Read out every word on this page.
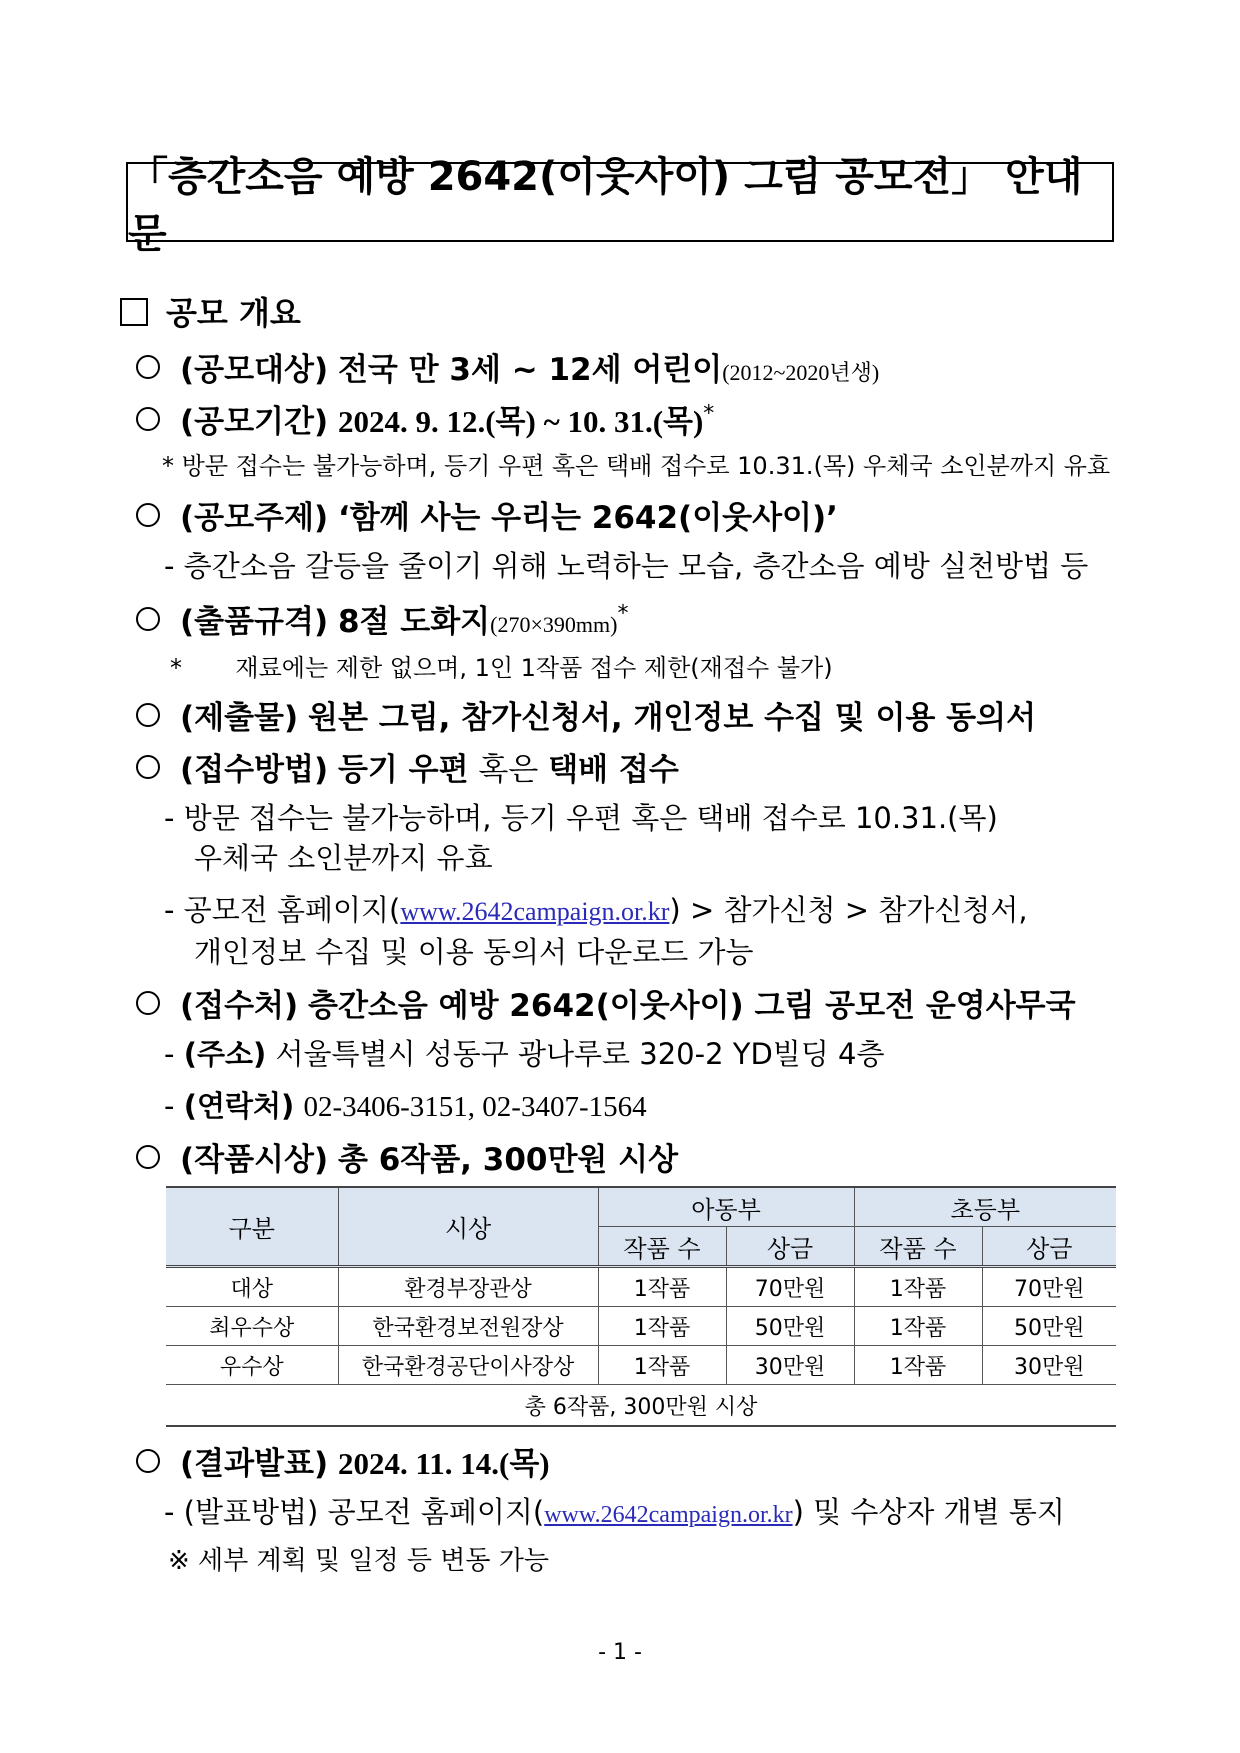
「층간소음 예방 2642(이웃사이) 그림 공모전」 안내문
공모 개요
(공모대상) 전국 만 3세 ~ 12세 어린이(2012~2020년생)
(공모기간) 2024. 9. 12.(목) ~ 10. 31.(목)*
* 방문 접수는 불가능하며, 등기 우편 혹은 택배 접수로 10.31.(목) 우체국 소인분까지 유효
(공모주제) ‘함께 사는 우리는 2642(이웃사이)’
- 층간소음 갈등을 줄이기 위해 노력하는 모습, 층간소음 예방 실천방법 등
(출품규격) 8절 도화지(270×390mm)*
*       재료에는 제한 없으며, 1인 1작품 접수 제한(재접수 불가)
(제출물) 원본 그림, 참가신청서, 개인정보 수집 및 이용 동의서
(접수방법) 등기 우편 혹은 택배 접수
- 방문 접수는 불가능하며, 등기 우편 혹은 택배 접수로 10.31.(목)
우체국 소인분까지 유효
- 공모전 홈페이지(www.2642campaign.or.kr) > 참가신청 > 참가신청서,
개인정보 수집 및 이용 동의서 다운로드 가능
(접수처) 층간소음 예방 2642(이웃사이) 그림 공모전 운영사무국
- (주소) 서울특별시 성동구 광나루로 320-2 YD빌딩 4층
- (연락처) 02-3406-3151, 02-3407-1564
(작품시상) 총 6작품, 300만원 시상
구분	시상	아동부		초등부	
		작품 수	상금	작품 수	상금
대상	환경부장관상	1작품	70만원	1작품	70만원
최우수상	한국환경보전원장상	1작품	50만원	1작품	50만원
우수상	한국환경공단이사장상	1작품	30만원	1작품	30만원
총 6작품, 300만원 시상					
(결과발표) 2024. 11. 14.(목)
- (발표방법) 공모전 홈페이지(www.2642campaign.or.kr) 및 수상자 개별 통지
※ 세부 계획 및 일정 등 변동 가능
- 1 -
